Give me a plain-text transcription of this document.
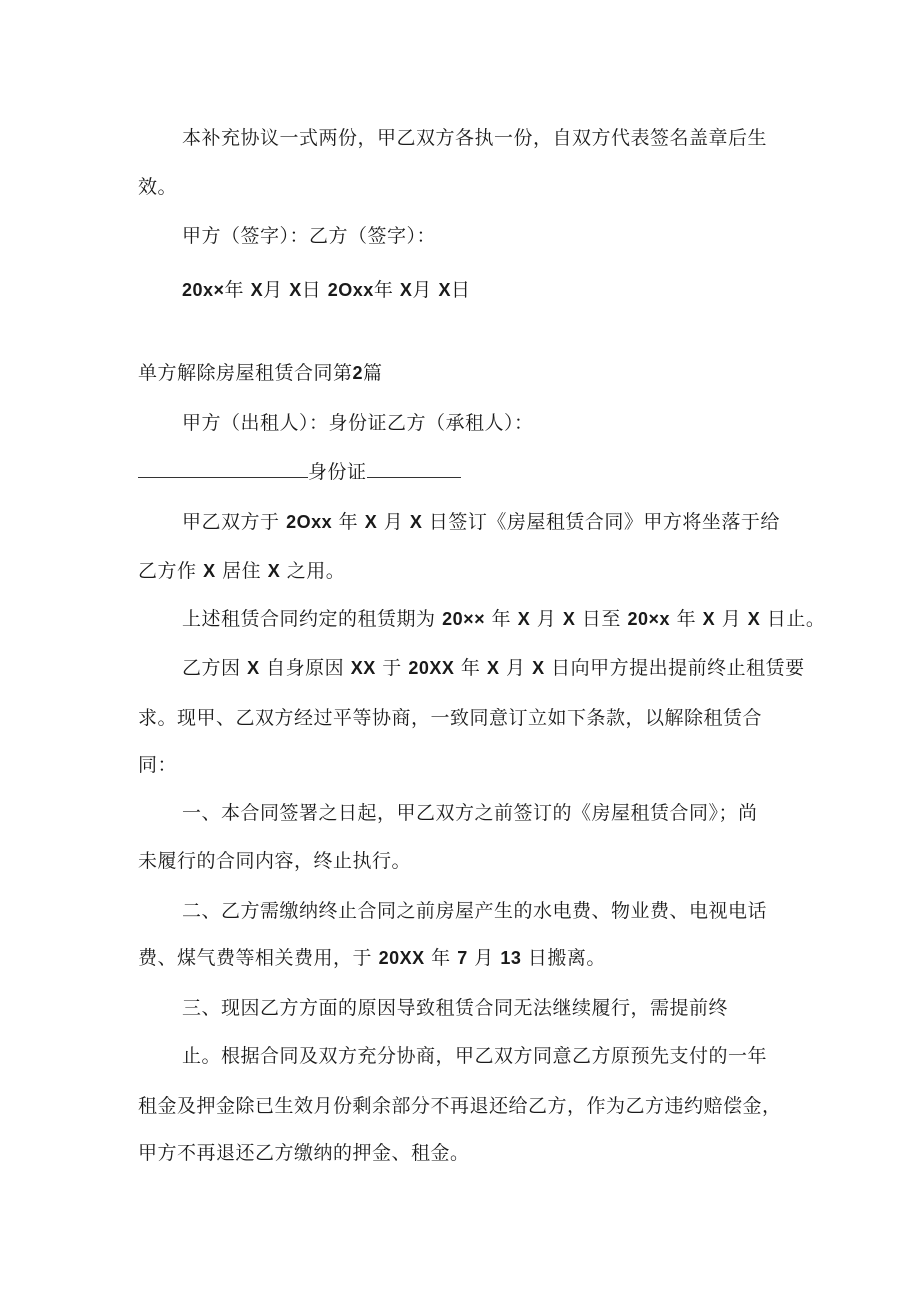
本补充协议一式两份，甲乙双方各执一份，自双方代表签名盖章后生
效。
甲方（签字）：乙方（签字）：
20x×年 X月 X日 2Oxx年 X月 X日
单方解除房屋租赁合同第2篇
甲方（出租人）：身份证乙方（承租人）：
身份证
甲乙双方于 2Oxx 年 X 月 X 日签订《房屋租赁合同》甲方将坐落于给
乙方作 X 居住 X 之用。
上述租赁合同约定的租赁期为 20×× 年 X 月 X 日至 20×x 年 X 月 X 日止。
乙方因 X 自身原因 XX 于 20XX 年 X 月 X 日向甲方提出提前终止租赁要
求。现甲、乙双方经过平等协商，一致同意订立如下条款，以解除租赁合
同：
一、本合同签署之日起，甲乙双方之前签订的《房屋租赁合同》；尚
未履行的合同内容，终止执行。
二、乙方需缴纳终止合同之前房屋产生的水电费、物业费、电视电话
费、煤气费等相关费用，于 20XX 年 7 月 13 日搬离。
三、现因乙方方面的原因导致租赁合同无法继续履行，需提前终
止。根据合同及双方充分协商，甲乙双方同意乙方原预先支付的一年
租金及押金除已生效月份剩余部分不再退还给乙方，作为乙方违约赔偿金，
甲方不再退还乙方缴纳的押金、租金。
